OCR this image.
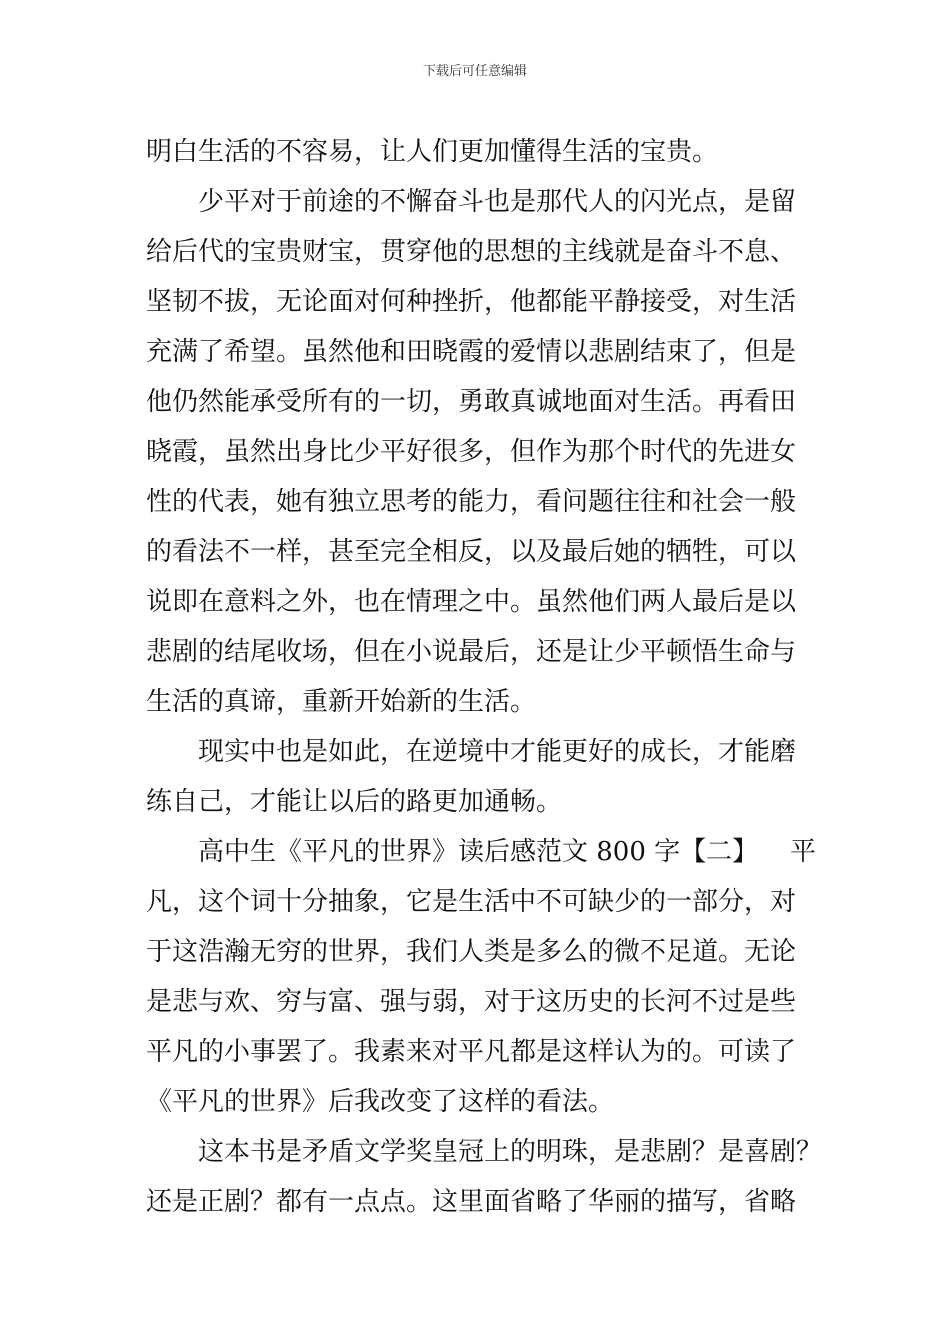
下载后可任意编辑
明白生活的不容易，让人们更加懂得生活的宝贵。
少平对于前途的不懈奋斗也是那代人的闪光点，是留
给后代的宝贵财宝，贯穿他的思想的主线就是奋斗不息、
坚韧不拔，无论面对何种挫折，他都能平静接受，对生活
充满了希望。虽然他和田晓霞的爱情以悲剧结束了，但是
他仍然能承受所有的一切，勇敢真诚地面对生活。再看田
晓霞，虽然出身比少平好很多，但作为那个时代的先进女
性的代表，她有独立思考的能力，看问题往往和社会一般
的看法不一样，甚至完全相反，以及最后她的牺牲，可以
说即在意料之外，也在情理之中。虽然他们两人最后是以
悲剧的结尾收场，但在小说最后，还是让少平顿悟生命与
生活的真谛，重新开始新的生活。
现实中也是如此，在逆境中才能更好的成长，才能磨
练自己，才能让以后的路更加通畅。
高中生《平凡的世界》读后感范文 800 字【二】 平
凡，这个词十分抽象，它是生活中不可缺少的一部分，对
于这浩瀚无穷的世界，我们人类是多么的微不足道。无论
是悲与欢、穷与富、强与弱，对于这历史的长河不过是些
平凡的小事罢了。我素来对平凡都是这样认为的。可读了
《平凡的世界》后我改变了这样的看法。
这本书是矛盾文学奖皇冠上的明珠，是悲剧？是喜剧？
还是正剧？都有一点点。这里面省略了华丽的描写，省略
